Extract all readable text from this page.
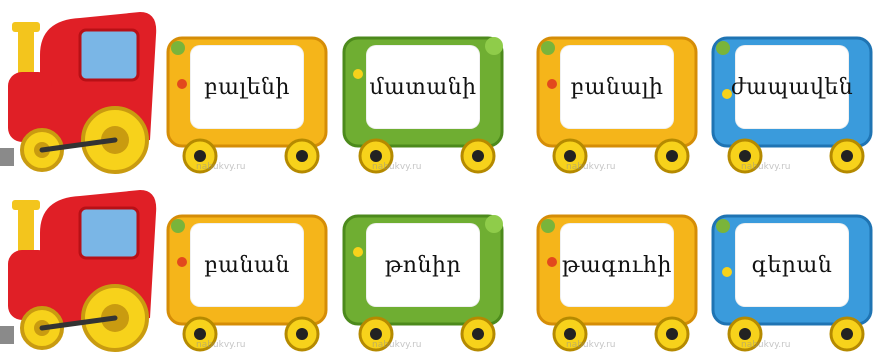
բալենի
nabukvy.ru
մատանի
nabukvy.ru
բանալի
nabukvy.ru
ժապավեն
nabukvy.ru
բանան
nabukvy.ru
թոնիր
nabukvy.ru
թագուհի
nabukvy.ru
գերան
nabukvy.ru
